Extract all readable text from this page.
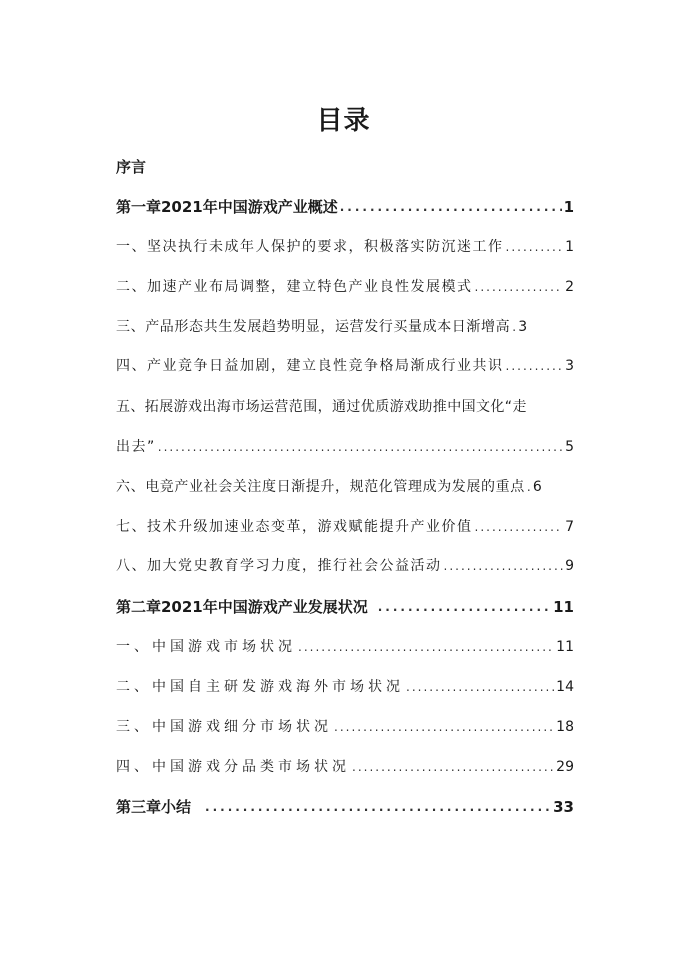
目录
序言
第一章2021年中国游戏产业概述 .....	1
一、坚决执行未成年人保护的要求，积极落实防沉迷工作 .....	1
二、加速产业布局调整，建立特色产业良性发展模式 .....	2
三、产品形态共生发展趋势明显，运营发行买量成本日渐增高 ..... 3
四、产业竞争日益加剧，建立良性竞争格局渐成行业共识 .....	3
五、拓展游戏出海市场运营范围，通过优质游戏助推中国文化“走
出去” .....	5
六、电竞产业社会关注度日渐提升，规范化管理成为发展的重点 ..... 6
七、技术升级加速业态变革，游戏赋能提升产业价值 .....	7
八、加大党史教育学习力度，推行社会公益活动 .....	9
第二章2021年中国游戏产业发展状况 .....	11
一、中国游戏市场状况 .....	11
二、中国自主研发游戏海外市场状况 .....	14
三、中国游戏细分市场状况 .....	18
四、中国游戏分品类市场状况 .....	29
第三章小结 .....	33
